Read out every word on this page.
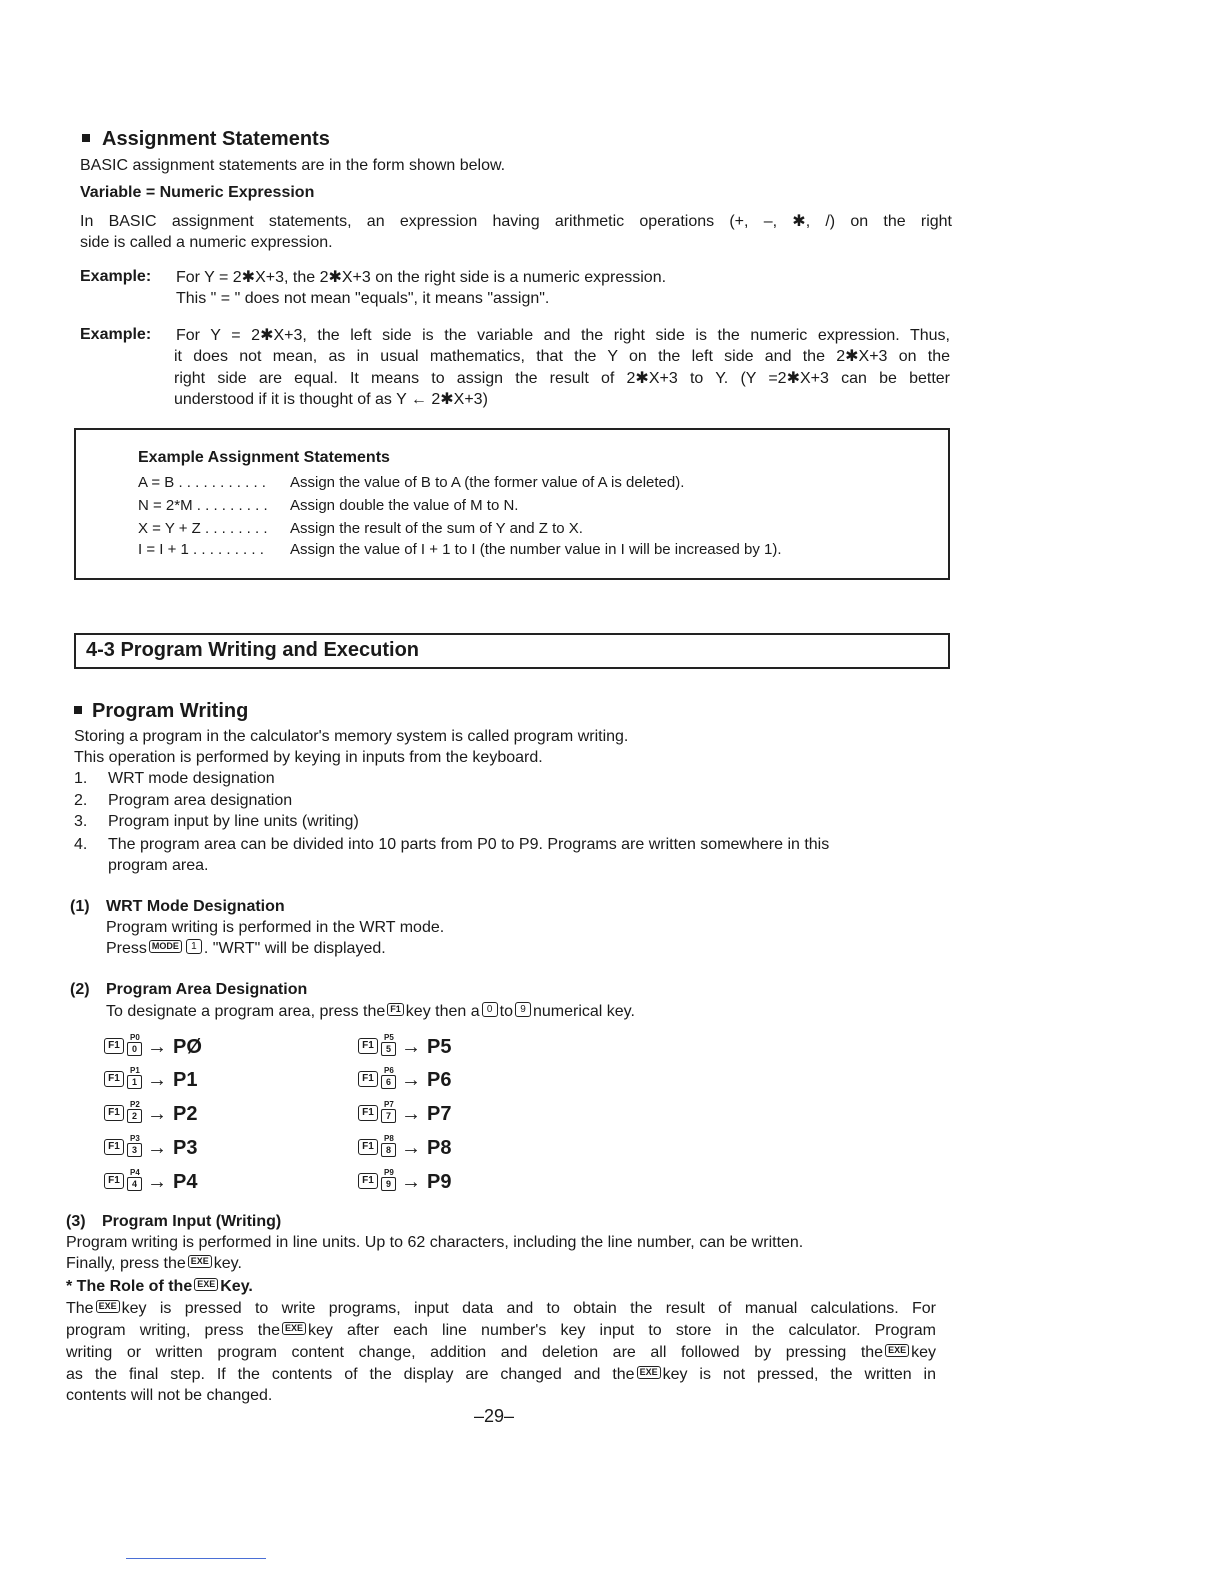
Assignment Statements
BASIC assignment statements are in the form shown below.
Variable = Numeric Expression
In BASIC assignment statements, an expression having arithmetic operations (+, –, ✱, /) on the right
side is called a numeric expression.
Example: For Y = 2✱X+3, the 2✱X+3 on the right side is a numeric expression.
This " = " does not mean "equals", it means "assign".
Example: For Y = 2✱X+3, the left side is the variable and the right side is the numeric expression. Thus,
it does not mean, as in usual mathematics, that the Y on the left side and the 2✱X+3 on the
right side are equal. It means to assign the result of 2✱X+3 to Y. (Y =2✱X+3 can be better
understood if it is thought of as Y ← 2✱X+3)
Example Assignment Statements
A = B . . . . . . . . . . . Assign the value of B to A (the former value of A is deleted).
N = 2*M . . . . . . . . . Assign double the value of M to N.
X = Y + Z . . . . . . . . Assign the result of the sum of Y and Z to X.
I = I + 1 . . . . . . . . . Assign the value of I + 1 to I (the number value in I will be increased by 1).
4-3 Program Writing and Execution
Program Writing
Storing a program in the calculator's memory system is called program writing.
This operation is performed by keying in inputs from the keyboard.
1. WRT mode designation
2. Program area designation
3. Program input by line units (writing)
4. The program area can be divided into 10 parts from P0 to P9. Programs are written somewhere in this
program area.
(1) WRT Mode Designation
Program writing is performed in the WRT mode.
Press MODE 1 . "WRT" will be displayed.
(2) Program Area Designation
To designate a program area, press the F1 key then a 0 to 9 numerical key.
$F1 \frac{P0}{0}$ → PØ
$F1 \frac{P1}{1} \to P1$
$F1 \frac{P2}{2} \to P2$
$F1 \frac{P3}{3} \to P3$
$F1 \frac{P4}{4} \to P4$
$F1 \frac{P5}{5} \to P5$
$F1 \frac{P6}{6} \to P6$
$F1 \frac{P7}{7} \to P7$
$F1 \frac{P8}{8} \to P8$
$F1 \frac{P9}{9} \to P9$
(3) Program Input (Writing)
Program writing is performed in line units. Up to 62 characters, including the line number, can be written.
Finally, press the EXE key.
* The Role of the EXE Key.
The EXE key is pressed to write programs, input data and to obtain the result of manual calculations. For
program writing, press the EXE key after each line number's key input to store in the calculator. Program
writing or written program content change, addition and deletion are all followed by pressing the EXE key
as the final step. If the contents of the display are changed and the EXE key is not pressed, the written in
contents will not be changed.
–29–
